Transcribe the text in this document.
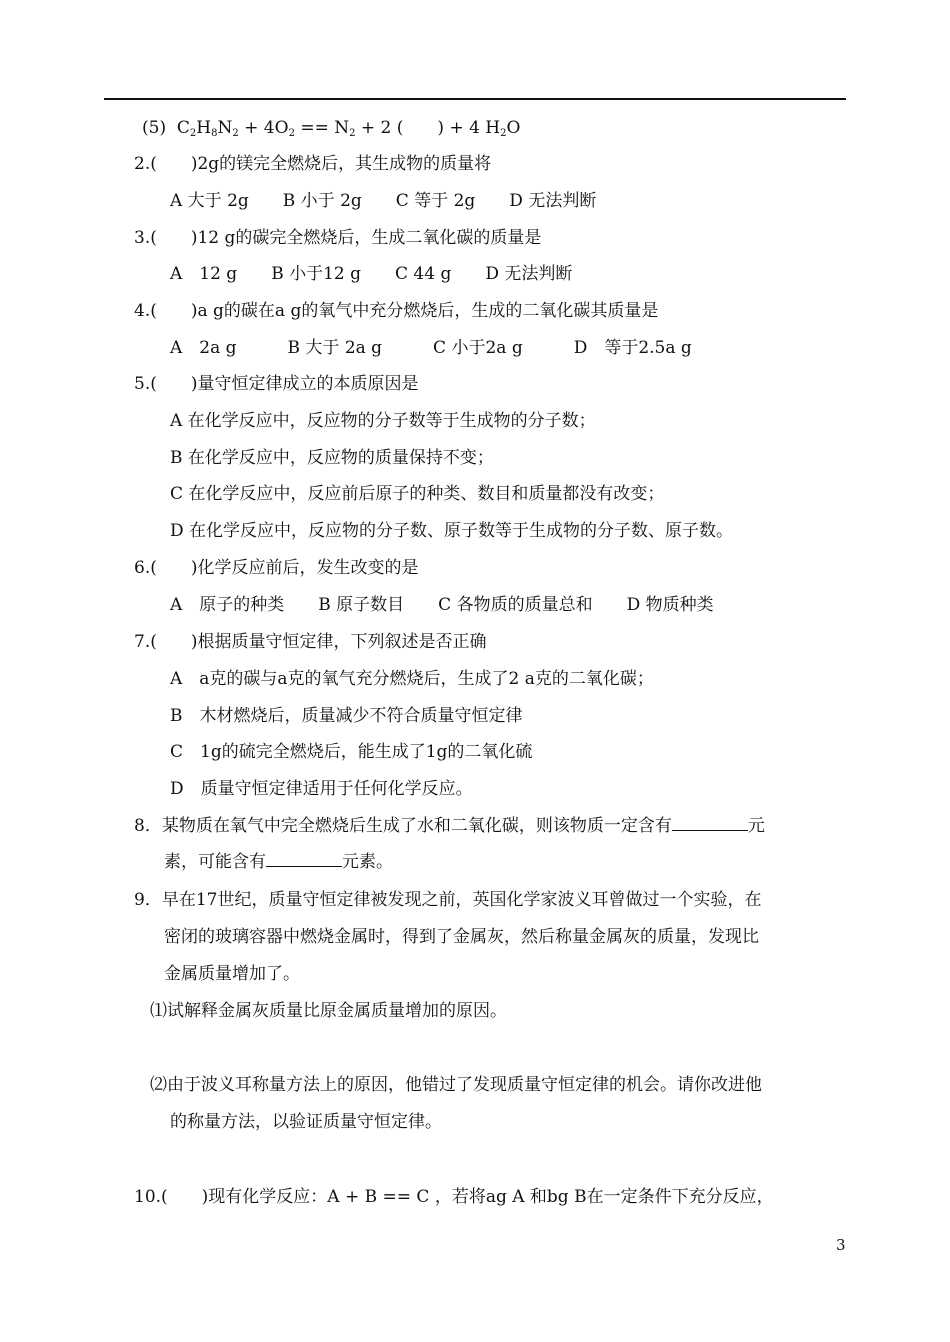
(5) $C_2H_8N_2 + 4O_2 == N_2 + 2$ (　　) + 4 $H_2O$
2.(　　)2g的镁完全燃烧后，其生成物的质量将
A 大于 2g　　B 小于 2g　　C 等于 2g　　D 无法判断
3.(　　)12 g的碳完全燃烧后，生成二氧化碳的质量是
A　12 g　　B 小于12 g　　C 44 g　　D 无法判断
4.(　　)a g的碳在a g的氧气中充分燃烧后，生成的二氧化碳其质量是
A　2a g　　　B 大于 2a g　　　C 小于2a g　　　D　等于2.5a g
5.(　　)量守恒定律成立的本质原因是
A 在化学反应中，反应物的分子数等于生成物的分子数；
B 在化学反应中，反应物的质量保持不变；
C 在化学反应中，反应前后原子的种类、数目和质量都没有改变；
D 在化学反应中，反应物的分子数、原子数等于生成物的分子数、原子数。
6.(　　)化学反应前后，发生改变的是
A　原子的种类　　B 原子数目　　C 各物质的质量总和　　D 物质种类
7.(　　)根据质量守恒定律，下列叙述是否正确
A　a克的碳与a克的氧气充分燃烧后，生成了2 a克的二氧化碳；
B　木材燃烧后，质量减少不符合质量守恒定律
C　1g的硫完全燃烧后，能生成了1g的二氧化硫
D　质量守恒定律适用于任何化学反应。
8．某物质在氧气中完全燃烧后生成了水和二氧化碳，则该物质一定含有	元
素，可能含有	元素。
9．早在17世纪，质量守恒定律被发现之前，英国化学家波义耳曾做过一个实验，在
密闭的玻璃容器中燃烧金属时，得到了金属灰，然后称量金属灰的质量，发现比
金属质量增加了。
⑴试解释金属灰质量比原金属质量增加的原因。
⑵由于波义耳称量方法上的原因，他错过了发现质量守恒定律的机会。请你改进他
的称量方法，以验证质量守恒定律。
10.(　　)现有化学反应：A + B == C ，若将ag A 和bg B在一定条件下充分反应，
3
